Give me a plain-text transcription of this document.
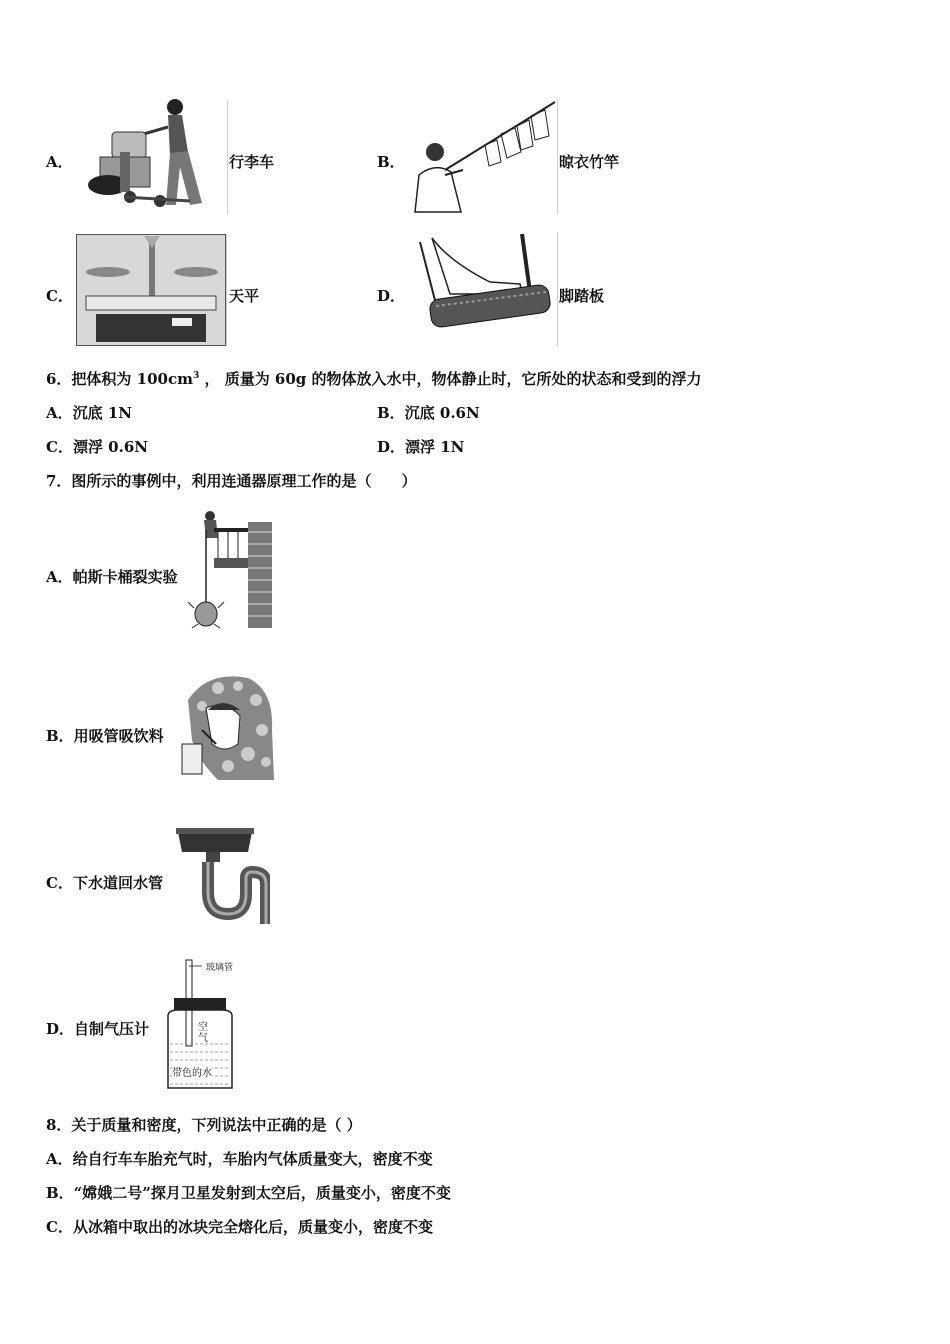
A．	行李车	B．	晾衣竹竿
C．	天平	D．	脚踏板
6．把体积为 $100cm^3$ ， 质量为 60g 的物体放入水中，物体静止时，它所处的状态和受到的浮力
A．沉底 1N	B．沉底 0.6N
C．漂浮 0.6N	D．漂浮 1N
7．图所示的事例中，利用连通器原理工作的是（　　）
A．帕斯卡桶裂实验
B．用吸管吸饮料
C．下水道回水管
D．自制气压计
玻璃管
空气
带色的水
8．关于质量和密度，下列说法中正确的是（ ）
A．给自行车车胎充气时，车胎内气体质量变大，密度不变
B．“嫦娥二号”探月卫星发射到太空后，质量变小，密度不变
C．从冰箱中取出的冰块完全熔化后，质量变小，密度不变
